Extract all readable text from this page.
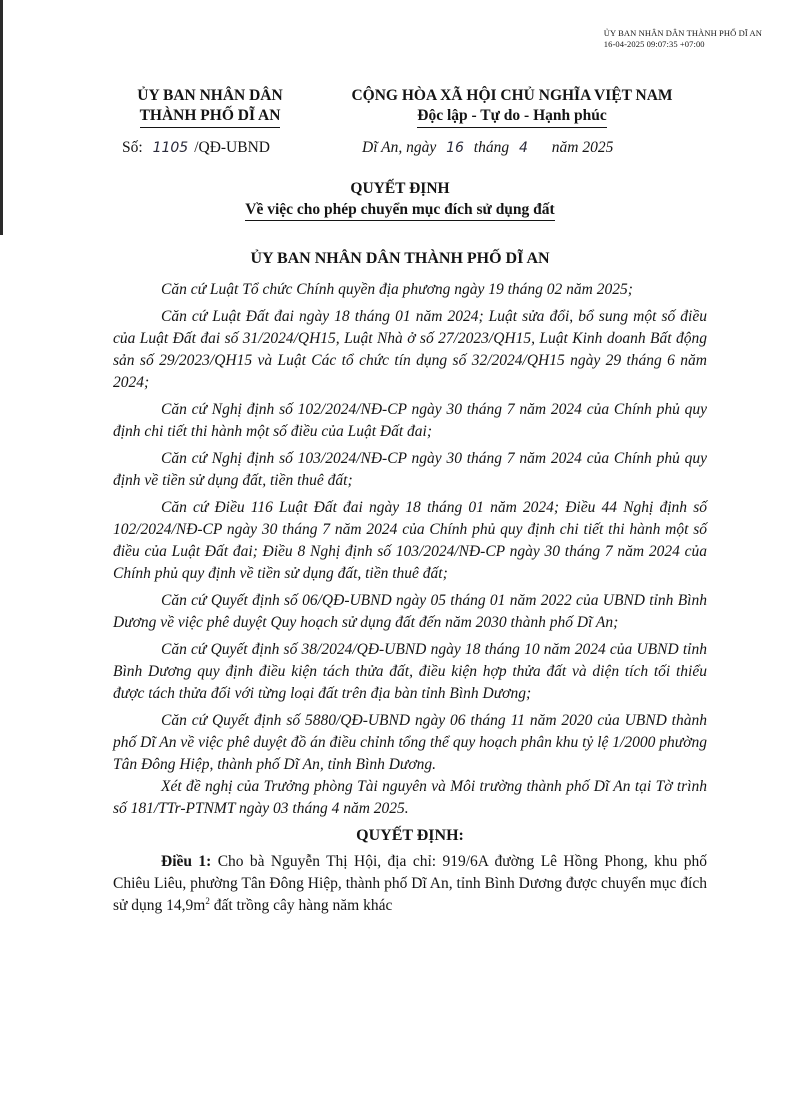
ỦY BAN NHÂN DÂN THÀNH PHỐ DĨ AN
16-04-2025 09:07:35 +07:00
ỦY BAN NHÂN DÂN
THÀNH PHỐ DĨ AN
CỘNG HÒA XÃ HỘI CHỦ NGHĨA VIỆT NAM
Độc lập - Tự do - Hạnh phúc
Số: 1105 /QĐ-UBND	Dĩ An, ngày 16 tháng 4 năm 2025
QUYẾT ĐỊNH
Về việc cho phép chuyển mục đích sử dụng đất
ỦY BAN NHÂN DÂN THÀNH PHỐ DĨ AN

Căn cứ Luật Tổ chức Chính quyền địa phương ngày 19 tháng 02 năm 2025;

Căn cứ Luật Đất đai ngày 18 tháng 01 năm 2024; Luật sửa đổi, bổ sung một số điều của Luật Đất đai số 31/2024/QH15, Luật Nhà ở số 27/2023/QH15, Luật Kinh doanh Bất động sản số 29/2023/QH15 và Luật Các tổ chức tín dụng số 32/2024/QH15 ngày 29 tháng 6 năm 2024;

Căn cứ Nghị định số 102/2024/NĐ-CP ngày 30 tháng 7 năm 2024 của Chính phủ quy định chi tiết thi hành một số điều của Luật Đất đai;

Căn cứ Nghị định số 103/2024/NĐ-CP ngày 30 tháng 7 năm 2024 của Chính phủ quy định về tiền sử dụng đất, tiền thuê đất;

Căn cứ Điều 116 Luật Đất đai ngày 18 tháng 01 năm 2024; Điều 44 Nghị định số 102/2024/NĐ-CP ngày 30 tháng 7 năm 2024 của Chính phủ quy định chi tiết thi hành một số điều của Luật Đất đai; Điều 8 Nghị định số 103/2024/NĐ-CP ngày 30 tháng 7 năm 2024 của Chính phủ quy định về tiền sử dụng đất, tiền thuê đất;

Căn cứ Quyết định số 06/QĐ-UBND ngày 05 tháng 01 năm 2022 của UBND tỉnh Bình Dương về việc phê duyệt Quy hoạch sử dụng đất đến năm 2030 thành phố Dĩ An;

Căn cứ Quyết định số 38/2024/QĐ-UBND ngày 18 tháng 10 năm 2024 của UBND tỉnh Bình Dương quy định điều kiện tách thửa đất, điều kiện hợp thửa đất và diện tích tối thiểu được tách thửa đối với từng loại đất trên địa bàn tỉnh Bình Dương;

Căn cứ Quyết định số 5880/QĐ-UBND ngày 06 tháng 11 năm 2020 của UBND thành phố Dĩ An về việc phê duyệt đồ án điều chỉnh tổng thể quy hoạch phân khu tỷ lệ 1/2000 phường Tân Đông Hiệp, thành phố Dĩ An, tỉnh Bình Dương.

Xét đề nghị của Trưởng phòng Tài nguyên và Môi trường thành phố Dĩ An tại Tờ trình số 181/TTr-PTNMT ngày 03 tháng 4 năm 2025.

QUYẾT ĐỊNH:

Điều 1: Cho bà Nguyễn Thị Hội, địa chỉ: 919/6A đường Lê Hồng Phong, khu phố Chiêu Liêu, phường Tân Đông Hiệp, thành phố Dĩ An, tỉnh Bình Dương được chuyển mục đích sử dụng $14,9m^2$ đất trồng cây hàng năm khác
